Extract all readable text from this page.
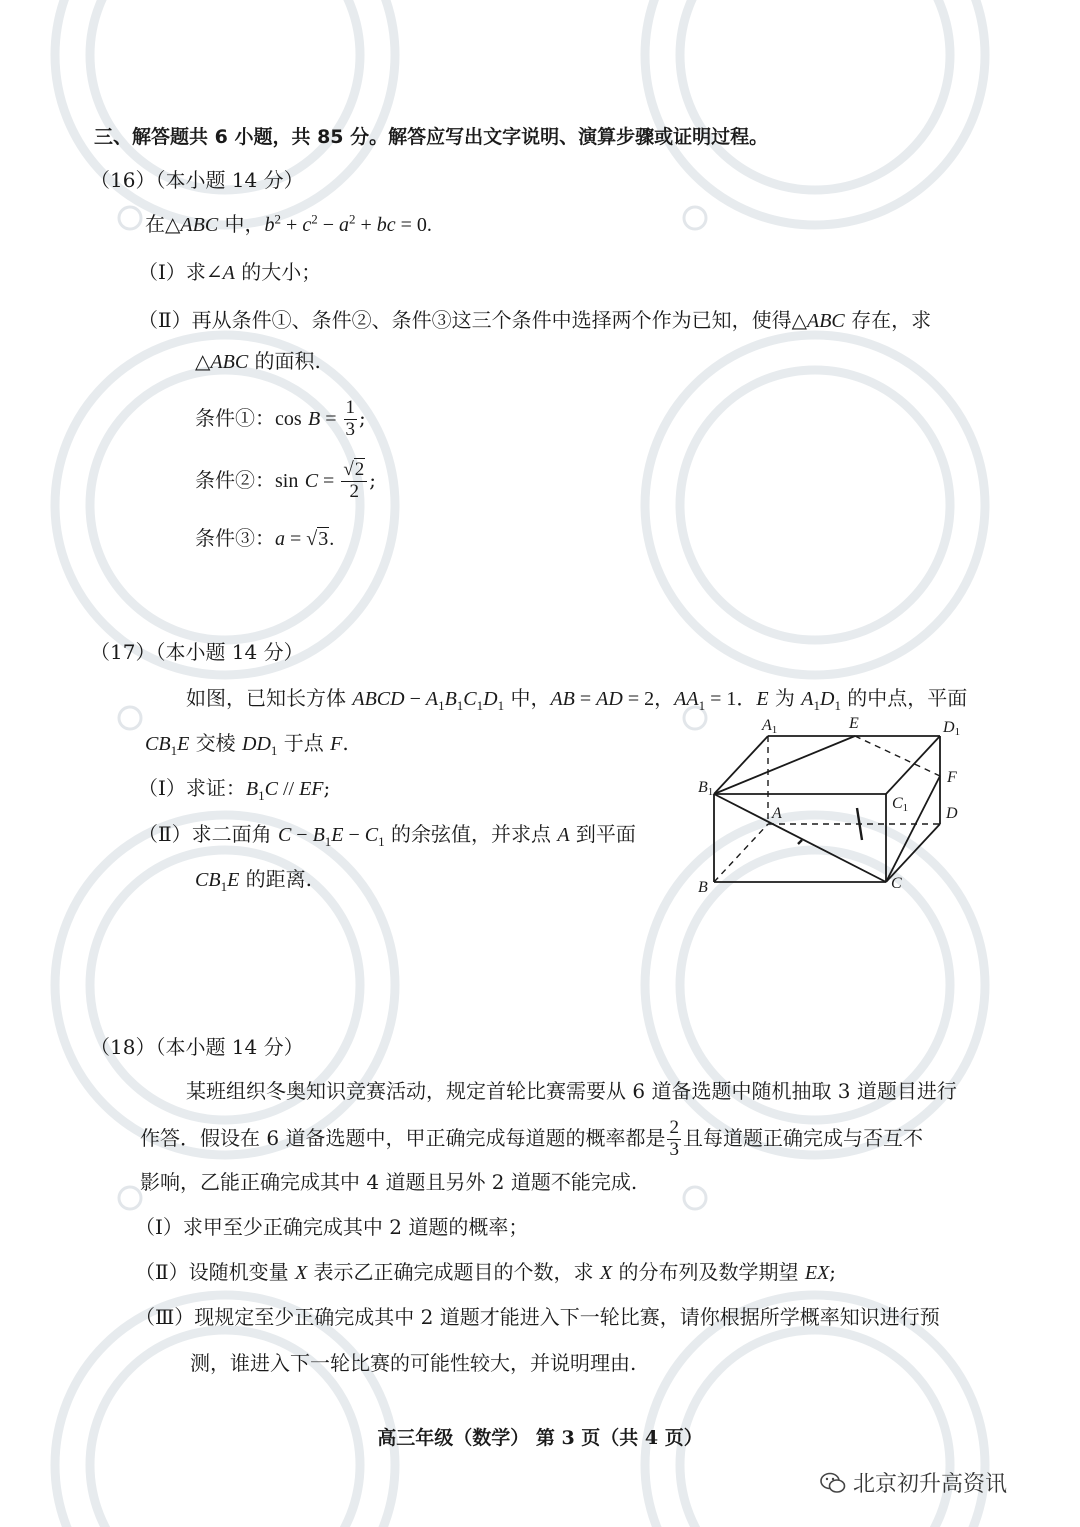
三、解答题共 6 小题，共 85 分。解答应写出文字说明、演算步骤或证明过程。
（16）（本小题 14 分）
在△ABC 中，$b^2 + c^2 - a^2$ + bc = 0.
（Ⅰ）求∠A 的大小；
（Ⅱ）再从条件①、条件②、条件③这三个条件中选择两个作为已知，使得△ABC 存在，求
△ABC 的面积.
条件①：$\cos B = \frac{1}{3}$ ;
条件②：$\sin C = \frac{√2}{2}$ ;
条件③：a = √3.
（17）（本小题 14 分）
如图，已知长方体 ABCD − $A_1B_1C_1D_1$ 中，AB = AD = 2，$AA_1 = 1$．E 为 $A_1D_1$ 的中点，平面
$CB_1E$ 交棱 $DD_1$ 于点 F.
（Ⅰ）求证：$B_1C$ // EF;
（Ⅱ）求二面角 $C - B_1E - C_1$ 的余弦值，并求点 A 到平面
$CB_1E$ 的距离.
A1	E	D1
F
B1
C1
A	D
B	C
（18）（本小题 14 分）
某班组织冬奥知识竞赛活动，规定首轮比赛需要从 6 道备选题中随机抽取 3 道题目进行
作答．假设在 6 道备选题中，甲正确完成每道题的概率都是 $\frac{2}{3}$ 且每道题正确完成与否互不
影响，乙能正确完成其中 4 道题且另外 2 道题不能完成.
（Ⅰ）求甲至少正确完成其中 2 道题的概率；
（Ⅱ）设随机变量 X 表示乙正确完成题目的个数，求 X 的分布列及数学期望 EX;
（Ⅲ）现规定至少正确完成其中 2 道题才能进入下一轮比赛，请你根据所学概率知识进行预
测，谁进入下一轮比赛的可能性较大，并说明理由.
高三年级（数学） 第 3 页（共 4 页）
北京初升高资讯
